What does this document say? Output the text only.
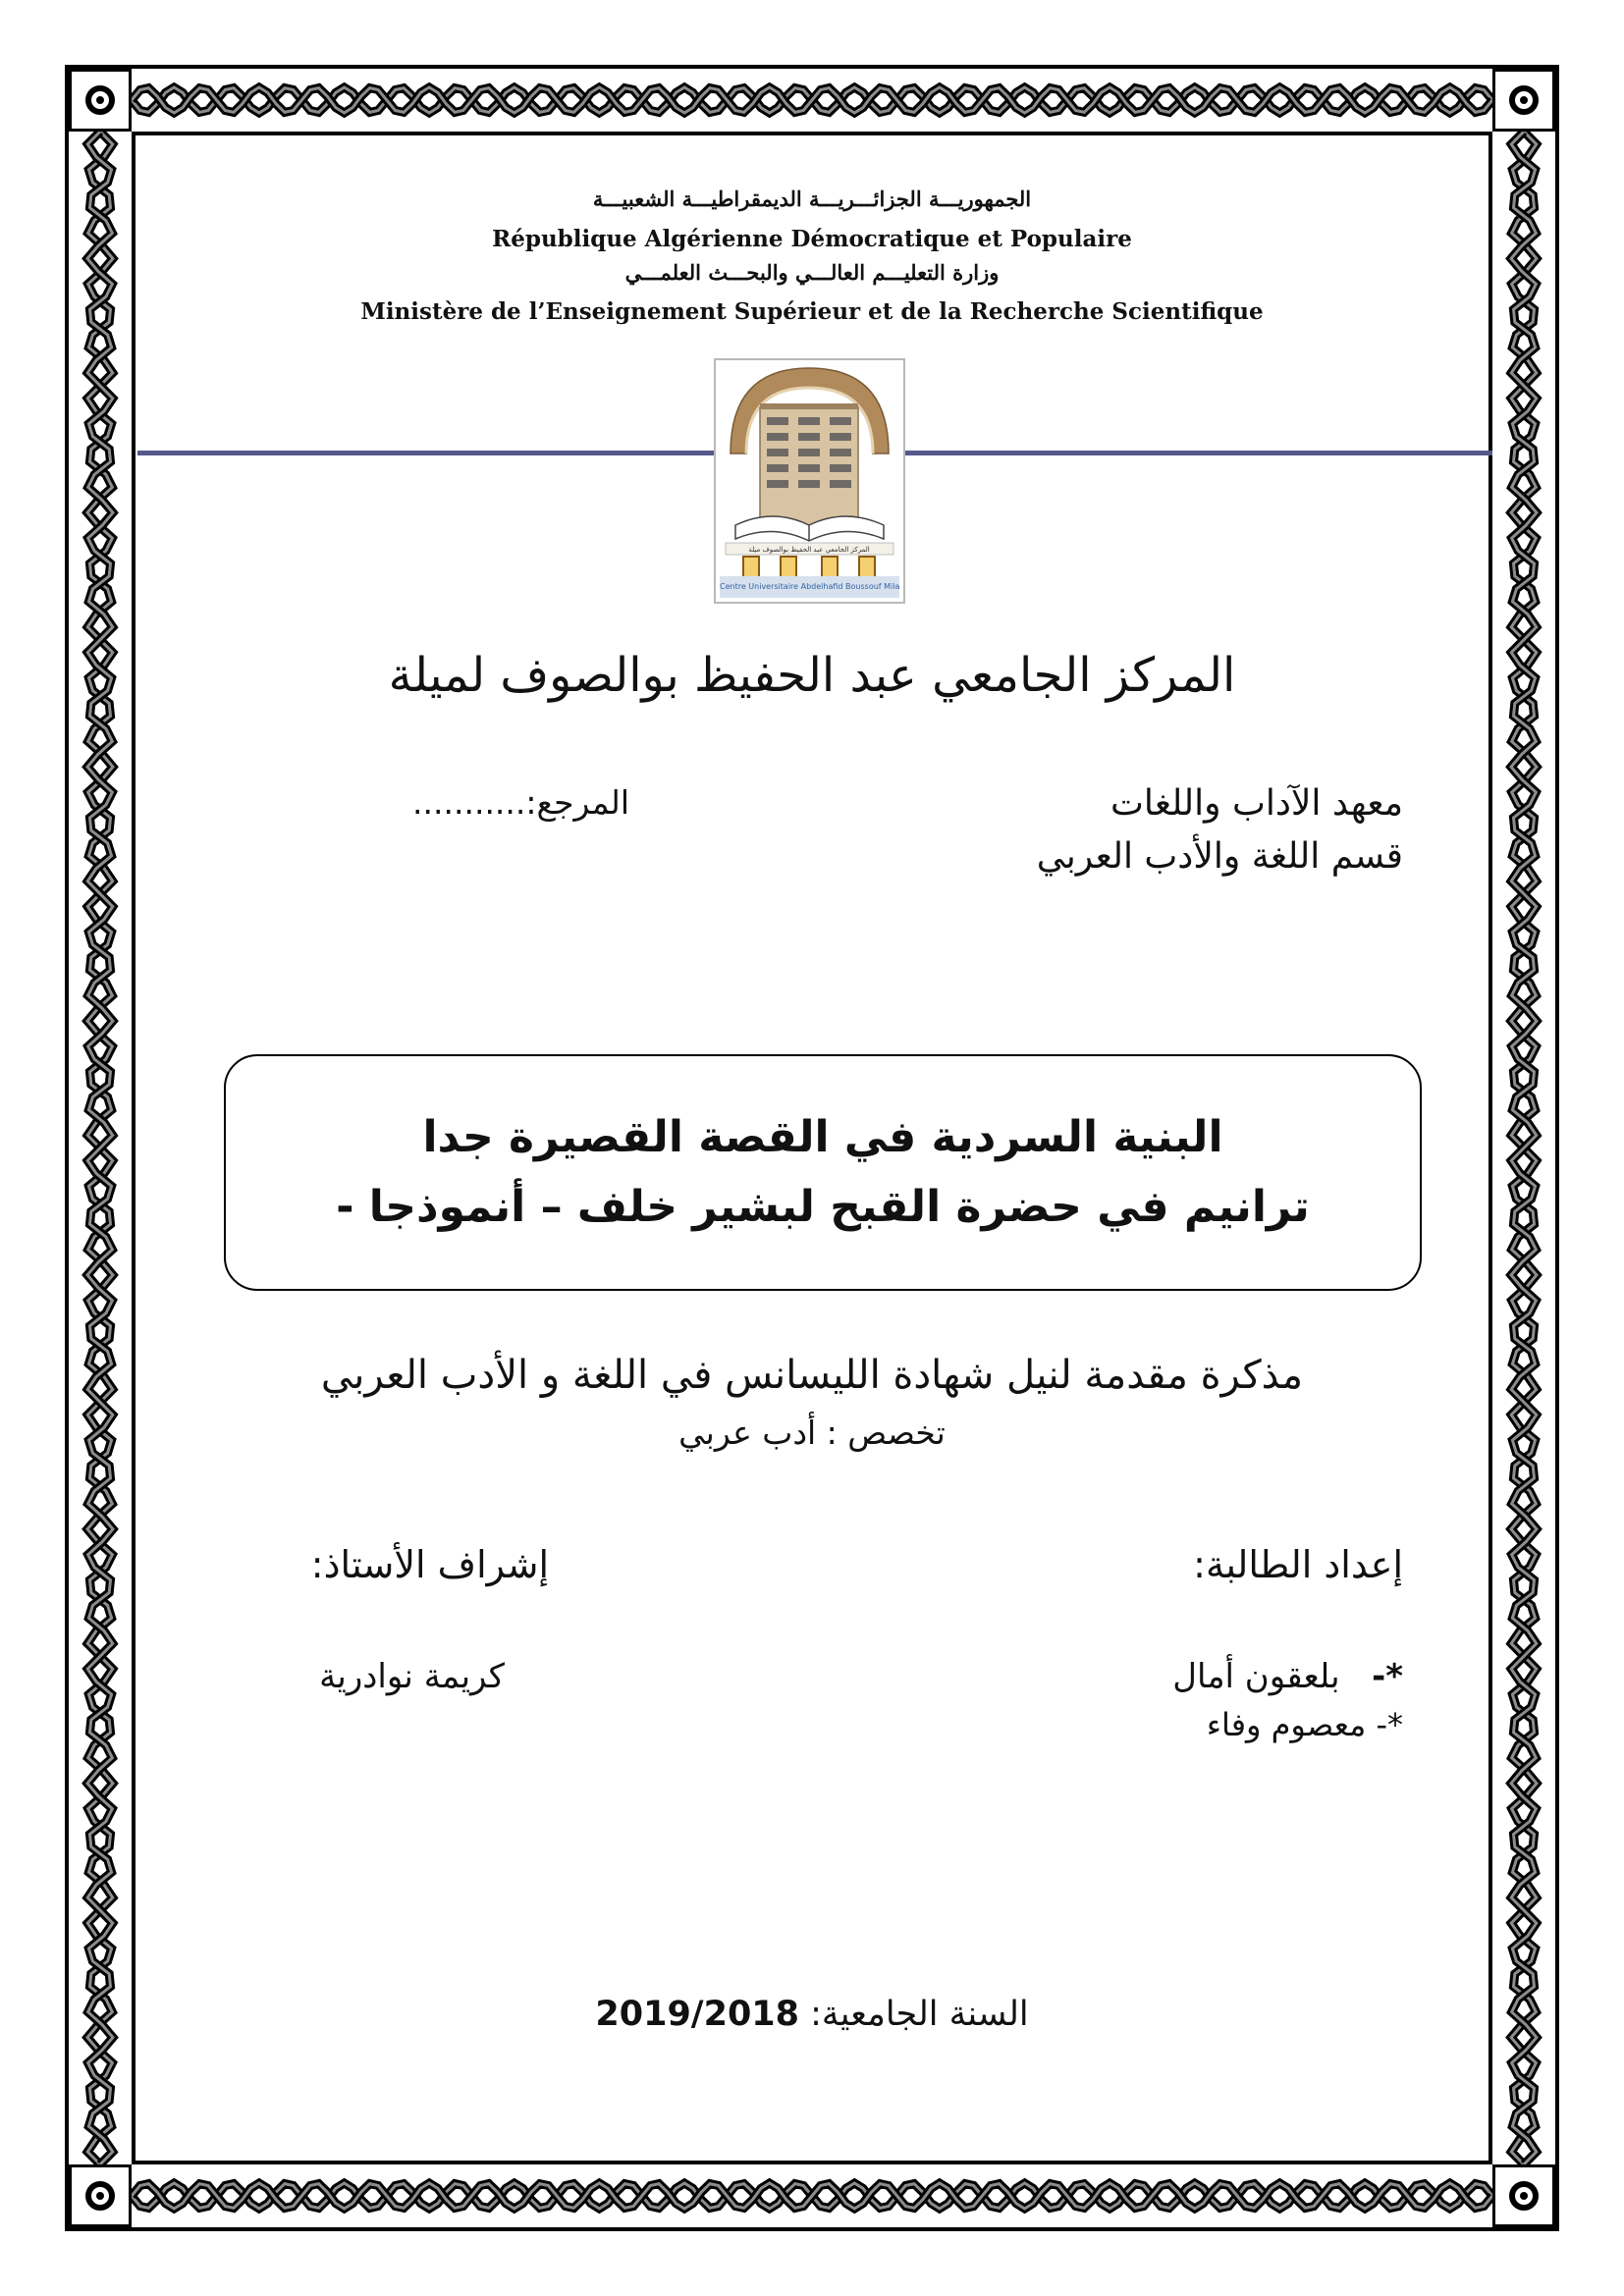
الجمهوريـــة الجزائـــريـــة الديمقراطيـــة الشعبيـــة
République Algérienne Démocratique et Populaire
وزارة التعليـــم العالـــي والبحـــث العلمـــي
Ministère de l’Enseignement Supérieur et de la Recherche Scientifique
المركز الجامعي عبد الحفيظ بوالصوف ميلة
Centre Universitaire Abdelhafid Boussouf Mila
المركز الجامعي عبد الحفيظ بوالصوف لميلة
معهد الآداب واللغات
المرجع:...........
قسم اللغة والأدب العربي
البنية السردية في القصة القصيرة جدا
ترانيم في حضرة القبح لبشير خلف – أنموذجا -
مذكرة مقدمة لنيل شهادة الليسانس في اللغة و الأدب العربي
تخصص : أدب عربي
إعداد الطالبة:
إشراف الأستاذ:
*-   بلعقون أمال
*- معصوم وفاء
كريمة نوادرية
السنة الجامعية: 2019/2018
